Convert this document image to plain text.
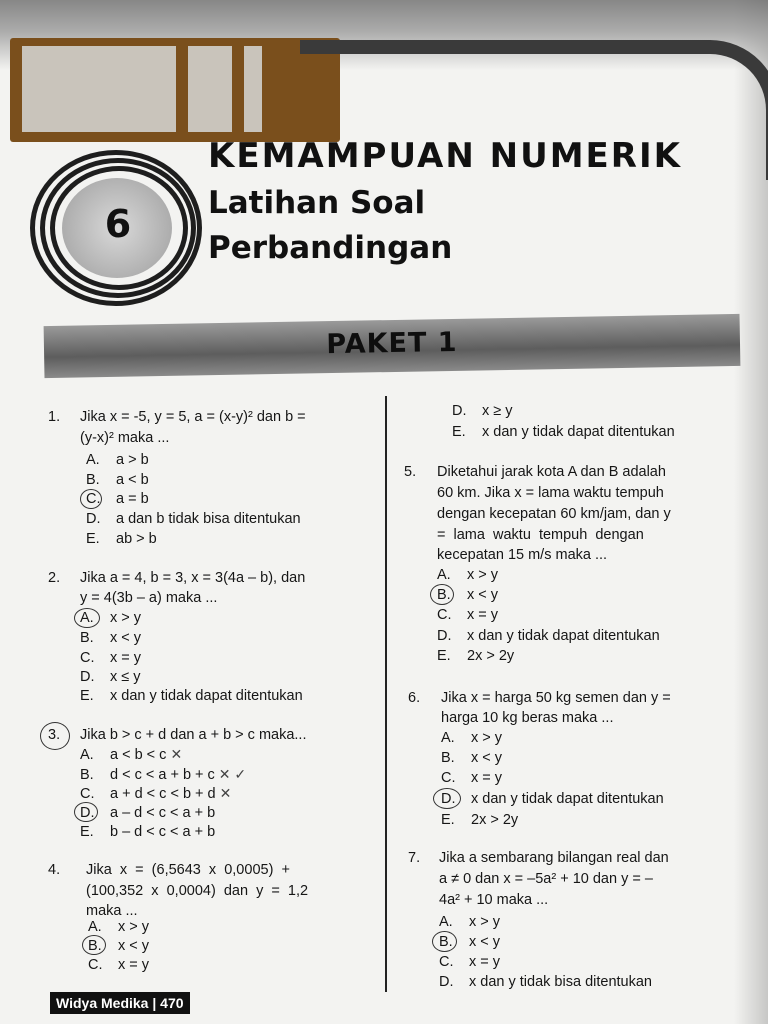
6
KEMAMPUAN NUMERIK
Latihan Soal
Perbandingan
PAKET 1
1. Jika x = -5, y = 5, a = (x-y)² dan b =
(y-x)² maka ...
A. a > b
B. a < b
C. a = b
D. a dan b tidak bisa ditentukan
E. ab > b
2. Jika a = 4, b = 3, x = 3(4a – b), dan
y = 4(3b – a) maka ...
A. x > y
B. x < y
C. x = y
D. x ≤ y
E. x dan y tidak dapat ditentukan
3. Jika b > c + d dan a + b > c maka...
A. a < b < c ✕
B. d < c < a + b + c ✕ ✓
C. a + d < c < b + d ✕
D. a – d < c < a + b
E. b – d < c < a + b
4. Jika  x  =  (6,5643  x  0,0005)  +
(100,352  x  0,0004)  dan  y  =  1,2
maka ...
A. x > y
B. x < y
C. x = y
D. x ≥ y
E. x dan y tidak dapat ditentukan
5. Diketahui jarak kota A dan B adalah
60 km. Jika x = lama waktu tempuh
dengan kecepatan 60 km/jam, dan y
=  lama  waktu  tempuh  dengan
kecepatan 15 m/s maka ...
A. x > y
B. x < y
C. x = y
D. x dan y tidak dapat ditentukan
E. 2x > 2y
6. Jika x = harga 50 kg semen dan y =
harga 10 kg beras maka ...
A. x > y
B. x < y
C. x = y
D. x dan y tidak dapat ditentukan
E. 2x > 2y
7. Jika a sembarang bilangan real dan
a ≠ 0 dan x = –5a² + 10 dan y = –
4a² + 10 maka ...
A. x > y
B. x < y
C. x = y
D. x dan y tidak bisa ditentukan
Widya Medika | 470
